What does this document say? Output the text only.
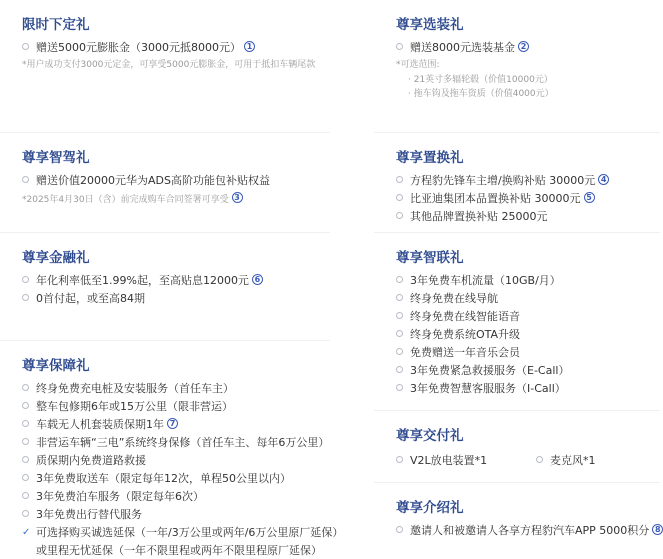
限时下定礼
赠送5000元膨胀金（3000元抵8000元） 1
*用户成功支付3000元定金，可享受5000元膨胀金，可用于抵扣车辆尾款
尊享智驾礼
赠送价值20000元华为ADS高阶功能包补贴权益
*2025年4月30日（含）前完成购车合同签署可享受 3
尊享金融礼
年化利率低至1.99%起，至高贴息12000元 6
0首付起，或至高84期
尊享保障礼
终身免费充电桩及安装服务（首任车主）
整车包修期6年或15万公里（限非营运）
车载无人机套装质保期1年 7
非营运车辆“三电”系统终身保修（首任车主、每年6万公里）
质保期内免费道路救援
3年免费取送车（限定每年12次，单程50公里以内）
3年免费泊车服务（限定每年6次）
3年免费出行替代服务
✓ 可选择购买诚选延保（一年/3万公里或两年/6万公里原厂延保）
或里程无忧延保（一年不限里程或两年不限里程原厂延保）
尊享选装礼
赠送8000元选装基金 2
*可选范围:
· 21英寸多辐轮毂（价值10000元）
· 拖车钩及拖车资质（价值4000元）
尊享置换礼
方程豹先锋车主增/换购补贴 30000元 4
比亚迪集团本品置换补贴 30000元 5
其他品牌置换补贴 25000元
尊享智联礼
3年免费车机流量（10GB/月）
终身免费在线导航
终身免费在线智能语音
终身免费系统OTA升级
免费赠送一年音乐会员
3年免费紧急救援服务（E-Call）
3年免费智慧客服服务（I-Call）
尊享交付礼
V2L放电装置*1	麦克风*1
尊享介绍礼
邀请人和被邀请人各享方程豹汽车APP 5000积分 8
